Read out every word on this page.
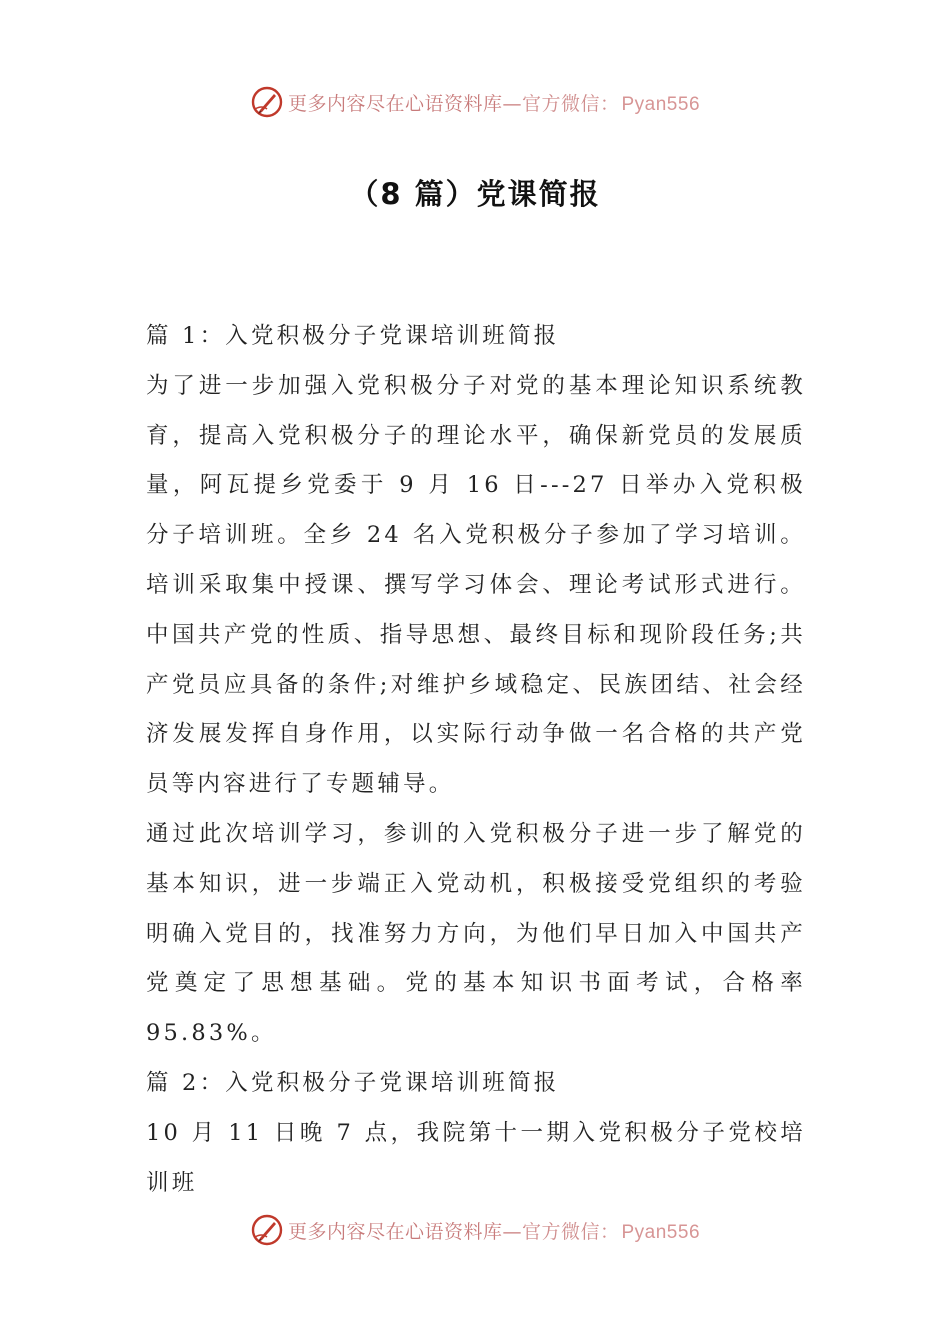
更多内容尽在心语资料库—官方微信： Pyan556
（8 篇）党课简报

篇 1：入党积极分子党课培训班简报

为了进一步加强入党积极分子对党的基本理论知识系统教育，提高入党积极分子的理论水平，确保新党员的发展质量，阿瓦提乡党委于 9 月 16 日---27 日举办入党积极分子培训班。全乡 24 名入党积极分子参加了学习培训。培训采取集中授课、撰写学习体会、理论考试形式进行。中国共产党的性质、指导思想、最终目标和现阶段任务;共产党员应具备的条件;对维护乡域稳定、民族团结、社会经济发展发挥自身作用，以实际行动争做一名合格的共产党员等内容进行了专题辅导。

通过此次培训学习，参训的入党积极分子进一步了解党的基本知识，进一步端正入党动机，积极接受党组织的考验明确入党目的，找准努力方向，为他们早日加入中国共产党奠定了思想基础。党的基本知识书面考试，合格率 95.83%。

篇 2：入党积极分子党课培训班简报

10 月 11 日晚 7 点，我院第十一期入党积极分子党校培训班

更多内容尽在心语资料库—官方微信： Pyan556
